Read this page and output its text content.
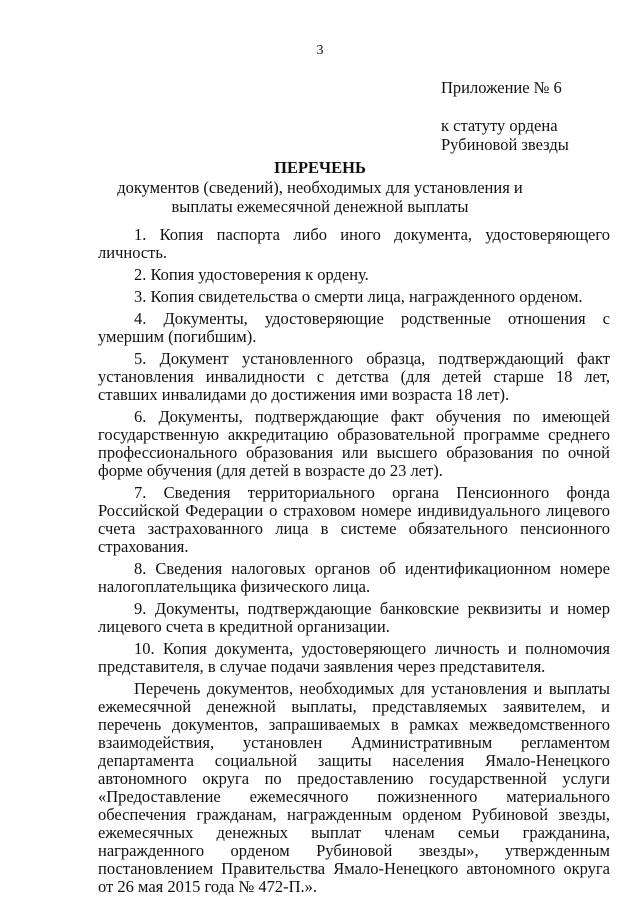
3
Приложение № 6
к статуту ордена
Рубиновой звезды
ПЕРЕЧЕНЬ
документов (сведений), необходимых для установления и выплаты ежемесячной денежной выплаты

1. Копия паспорта либо иного документа, удостоверяющего личность.

2. Копия удостоверения к ордену.

3. Копия свидетельства о смерти лица, награжденного орденом.

4. Документы, удостоверяющие родственные отношения с умершим (погибшим).

5. Документ установленного образца, подтверждающий факт установления инвалидности с детства (для детей старше 18 лет, ставших инвалидами до достижения ими возраста 18 лет).

6. Документы, подтверждающие факт обучения по имеющей государственную аккредитацию образовательной программе среднего профессионального образования или высшего образования по очной форме обучения (для детей в возрасте до 23 лет).

7. Сведения территориального органа Пенсионного фонда Российской Федерации о страховом номере индивидуального лицевого счета застрахованного лица в системе обязательного пенсионного страхования.

8. Сведения налоговых органов об идентификационном номере налогоплательщика физического лица.

9. Документы, подтверждающие банковские реквизиты и номер лицевого счета в кредитной организации.

10. Копия документа, удостоверяющего личность и полномочия представителя, в случае подачи заявления через представителя.

Перечень документов, необходимых для установления и выплаты ежемесячной денежной выплаты, представляемых заявителем, и перечень документов, запрашиваемых в рамках межведомственного взаимодействия, установлен Административным регламентом департамента социальной защиты населения Ямало-Ненецкого автономного округа по предоставлению государственной услуги «Предоставление ежемесячного пожизненного материального обеспечения гражданам, награжденным орденом Рубиновой звезды, ежемесячных денежных выплат членам семьи гражданина, награжденного орденом Рубиновой звезды», утвержденным постановлением Правительства Ямало-Ненецкого автономного округа от 26 мая 2015 года № 472-П.».
